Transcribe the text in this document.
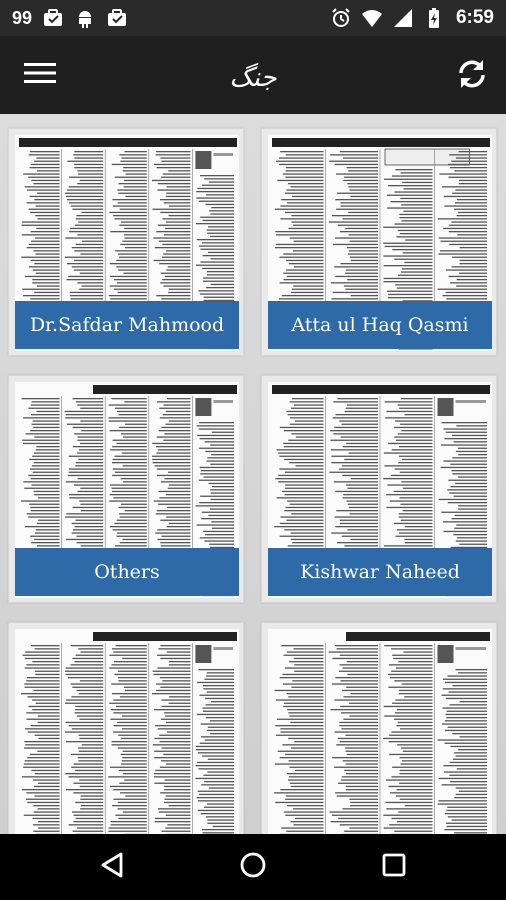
99	6:59
جنگ
Dr.Safdar Mahmood	Atta ul Haq Qasmi
Others	Kishwar Naheed
